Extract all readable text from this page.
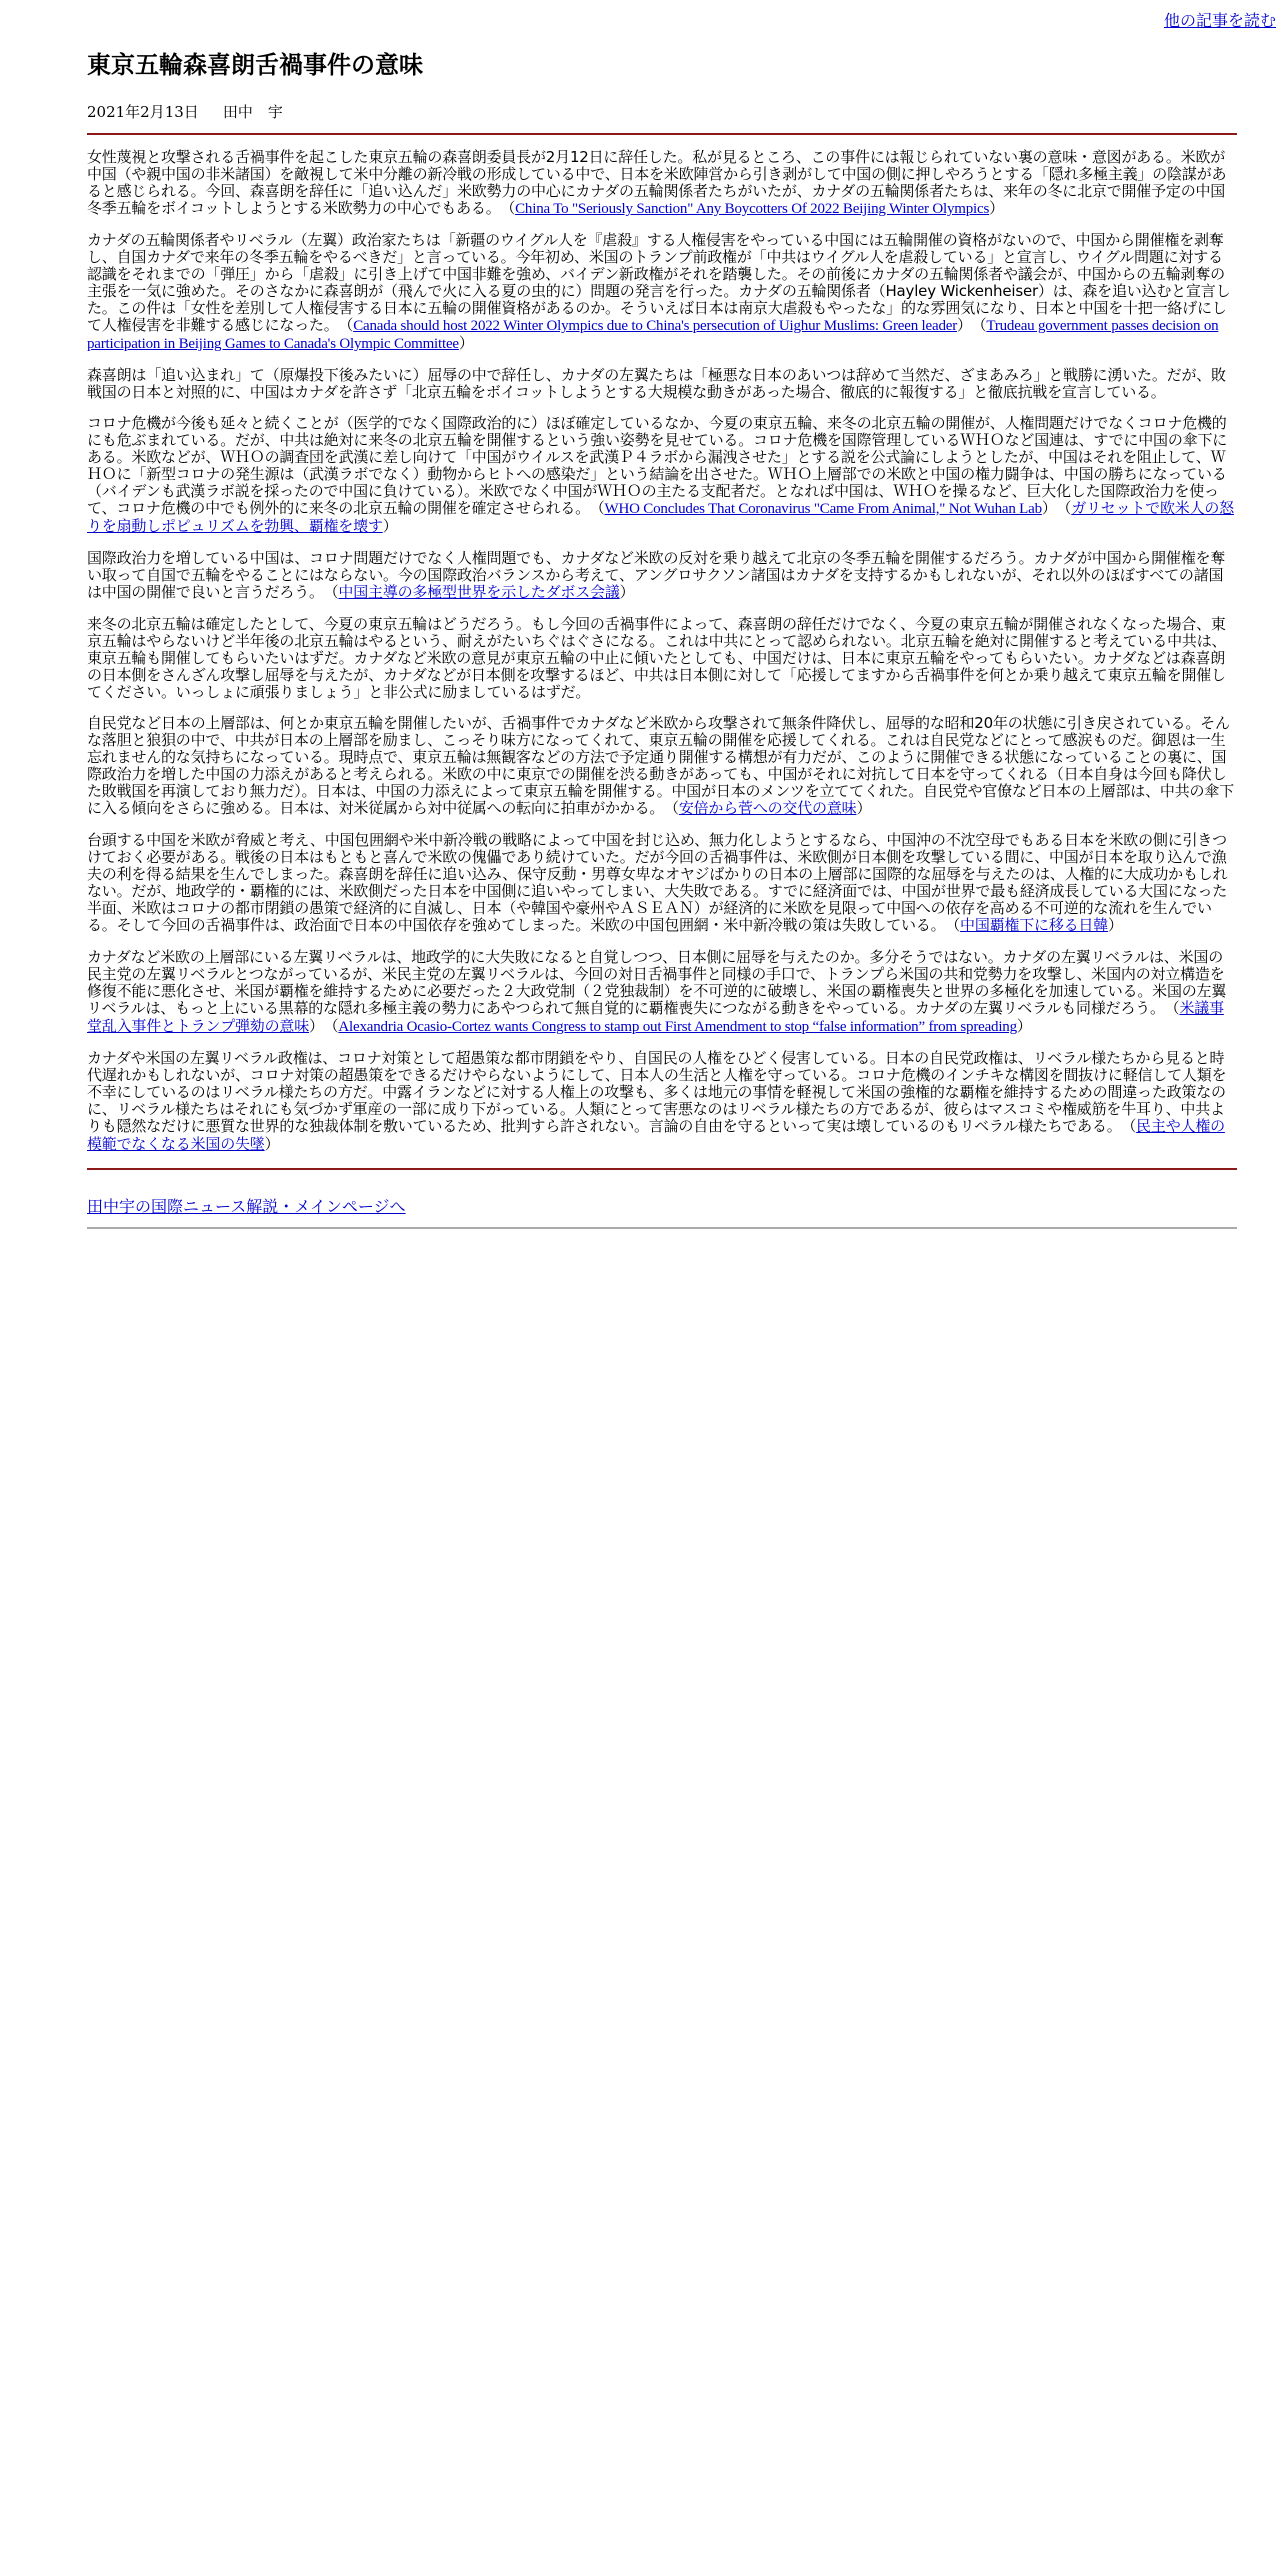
他の記事を読む
東京五輪森喜朗舌禍事件の意味
2021年2月13日 田中　宇

女性蔑視と攻撃される舌禍事件を起こした東京五輪の森喜朗委員長が2月12日に辞任した。私が見るところ、この事件には報じられていない裏の意味・意図がある。米欧が中国（や親中国の非米諸国）を敵視して米中分離の新冷戦の形成している中で、日本を米欧陣営から引き剥がして中国の側に押しやろうとする「隠れ多極主義」の陰謀があると感じられる。今回、森喜朗を辞任に「追い込んだ」米欧勢力の中心にカナダの五輪関係者たちがいたが、カナダの五輪関係者たちは、来年の冬に北京で開催予定の中国冬季五輪をボイコットしようとする米欧勢力の中心でもある。　（China To "Seriously Sanction" Any Boycotters Of 2022 Beijing Winter Olympics）

カナダの五輪関係者やリベラル（左翼）政治家たちは「新疆のウイグル人を『虐殺』する人権侵害をやっている中国には五輪開催の資格がないので、中国から開催権を剥奪し、自国カナダで来年の冬季五輪をやるべきだ」と言っている。今年初め、米国のトランプ前政権が「中共はウイグル人を虐殺している」と宣言し、ウイグル問題に対する認識をそれまでの「弾圧」から「虐殺」に引き上げて中国非難を強め、バイデン新政権がそれを踏襲した。その前後にカナダの五輪関係者や議会が、中国からの五輪剥奪の主張を一気に強めた。そのさなかに森喜朗が（飛んで火に入る夏の虫的に）問題の発言を行った。カナダの五輪関係者（Hayley Wickenheiser）は、森を追い込むと宣言した。この件は「女性を差別して人権侵害する日本に五輪の開催資格があるのか。そういえば日本は南京大虐殺もやったな」的な雰囲気になり、日本と中国を十把一絡げにして人権侵害を非難する感じになった。　（Canada should host 2022 Winter Olympics due to China's persecution of Uighur Muslims: Green leader）　（Trudeau government passes decision on participation in Beijing Games to Canada's Olympic Committee）

森喜朗は「追い込まれ」て（原爆投下後みたいに）屈辱の中で辞任し、カナダの左翼たちは「極悪な日本のあいつは辞めて当然だ、ざまあみろ」と戦勝に湧いた。だが、敗戦国の日本と対照的に、中国はカナダを許さず「北京五輪をボイコットしようとする大規模な動きがあった場合、徹底的に報復する」と徹底抗戦を宣言している。

コロナ危機が今後も延々と続くことが（医学的でなく国際政治的に）ほぼ確定しているなか、今夏の東京五輪、来冬の北京五輪の開催が、人権問題だけでなくコロナ危機的にも危ぶまれている。だが、中共は絶対に来冬の北京五輪を開催するという強い姿勢を見せている。コロナ危機を国際管理しているＷＨＯなど国連は、すでに中国の傘下にある。米欧などが、ＷＨＯの調査団を武漢に差し向けて「中国がウイルスを武漢Ｐ４ラボから漏洩させた」とする説を公式論にしようとしたが、中国はそれを阻止して、ＷＨＯに「新型コロナの発生源は（武漢ラボでなく）動物からヒトへの感染だ」という結論を出させた。ＷＨＯ上層部での米欧と中国の権力闘争は、中国の勝ちになっている（バイデンも武漢ラボ説を採ったので中国に負けている）。米欧でなく中国がＷＨＯの主たる支配者だ。となれば中国は、ＷＨＯを操るなど、巨大化した国際政治力を使って、コロナ危機の中でも例外的に来冬の北京五輪の開催を確定させられる。　（WHO Concludes That Coronavirus "Came From Animal," Not Wuhan Lab）　（ガリセットで欧米人の怒りを扇動しポピュリズムを勃興、覇権を壊す）

国際政治力を増している中国は、コロナ問題だけでなく人権問題でも、カナダなど米欧の反対を乗り越えて北京の冬季五輪を開催するだろう。カナダが中国から開催権を奪い取って自国で五輪をやることにはならない。今の国際政治バランスから考えて、アングロサクソン諸国はカナダを支持するかもしれないが、それ以外のほぼすべての諸国は中国の開催で良いと言うだろう。　（中国主導の多極型世界を示したダボス会議）

来冬の北京五輪は確定したとして、今夏の東京五輪はどうだろう。もし今回の舌禍事件によって、森喜朗の辞任だけでなく、今夏の東京五輪が開催されなくなった場合、東京五輪はやらないけど半年後の北京五輪はやるという、耐えがたいちぐはぐさになる。これは中共にとって認められない。北京五輪を絶対に開催すると考えている中共は、東京五輪も開催してもらいたいはずだ。カナダなど米欧の意見が東京五輪の中止に傾いたとしても、中国だけは、日本に東京五輪をやってもらいたい。カナダなどは森喜朗の日本側をさんざん攻撃し屈辱を与えたが、カナダなどが日本側を攻撃するほど、中共は日本側に対して「応援してますから舌禍事件を何とか乗り越えて東京五輪を開催してください。いっしょに頑張りましょう」と非公式に励ましているはずだ。

自民党など日本の上層部は、何とか東京五輪を開催したいが、舌禍事件でカナダなど米欧から攻撃されて無条件降伏し、屈辱的な昭和20年の状態に引き戻されている。そんな落胆と狼狽の中で、中共が日本の上層部を励まし、こっそり味方になってくれて、東京五輪の開催を応援してくれる。これは自民党などにとって感涙ものだ。御恩は一生忘れません的な気持ちになっている。現時点で、東京五輪は無観客などの方法で予定通り開催する構想が有力だが、このように開催できる状態になっていることの裏に、国際政治力を増した中国の力添えがあると考えられる。米欧の中に東京での開催を渋る動きがあっても、中国がそれに対抗して日本を守ってくれる（日本自身は今回も降伏した敗戦国を再演しており無力だ）。日本は、中国の力添えによって東京五輪を開催する。中国が日本のメンツを立ててくれた。自民党や官僚など日本の上層部は、中共の傘下に入る傾向をさらに強める。日本は、対米従属から対中従属への転向に拍車がかかる。　（安倍から菅への交代の意味）

台頭する中国を米欧が脅威と考え、中国包囲網や米中新冷戦の戦略によって中国を封じ込め、無力化しようとするなら、中国沖の不沈空母でもある日本を米欧の側に引きつけておく必要がある。戦後の日本はもともと喜んで米欧の傀儡であり続けていた。だが今回の舌禍事件は、米欧側が日本側を攻撃している間に、中国が日本を取り込んで漁夫の利を得る結果を生んでしまった。森喜朗を辞任に追い込み、保守反動・男尊女卑なオヤジばかりの日本の上層部に国際的な屈辱を与えたのは、人権的に大成功かもしれない。だが、地政学的・覇権的には、米欧側だった日本を中国側に追いやってしまい、大失敗である。すでに経済面では、中国が世界で最も経済成長している大国になった半面、米欧はコロナの都市閉鎖の愚策で経済的に自滅し、日本（や韓国や豪州やＡＳＥＡＮ）が経済的に米欧を見限って中国への依存を高める不可逆的な流れを生んでいる。そして今回の舌禍事件は、政治面で日本の中国依存を強めてしまった。米欧の中国包囲網・米中新冷戦の策は失敗している。　（中国覇権下に移る日韓）

カナダなど米欧の上層部にいる左翼リベラルは、地政学的に大失敗になると自覚しつつ、日本側に屈辱を与えたのか。多分そうではない。カナダの左翼リベラルは、米国の民主党の左翼リベラルとつながっているが、米民主党の左翼リベラルは、今回の対日舌禍事件と同様の手口で、トランプら米国の共和党勢力を攻撃し、米国内の対立構造を修復不能に悪化させ、米国が覇権を維持するために必要だった２大政党制（２党独裁制）を不可逆的に破壊し、米国の覇権喪失と世界の多極化を加速している。米国の左翼リベラルは、もっと上にいる黒幕的な隠れ多極主義の勢力にあやつられて無自覚的に覇権喪失につながる動きをやっている。カナダの左翼リベラルも同様だろう。　（米議事堂乱入事件とトランプ弾劾の意味）　（Alexandria Ocasio-Cortez wants Congress to stamp out First Amendment to stop “false information” from spreading）

カナダや米国の左翼リベラル政権は、コロナ対策として超愚策な都市閉鎖をやり、自国民の人権をひどく侵害している。日本の自民党政権は、リベラル様たちから見ると時代遅れかもしれないが、コロナ対策の超愚策をできるだけやらないようにして、日本人の生活と人権を守っている。コロナ危機のインチキな構図を間抜けに軽信して人類を不幸にしているのはリベラル様たちの方だ。中露イランなどに対する人権上の攻撃も、多くは地元の事情を軽視して米国の強権的な覇権を維持するための間違った政策なのに、リベラル様たちはそれにも気づかず軍産の一部に成り下がっている。人類にとって害悪なのはリベラル様たちの方であるが、彼らはマスコミや権威筋を牛耳り、中共よりも隠然なだけに悪質な世界的な独裁体制を敷いているため、批判すら許されない。言論の自由を守るといって実は壊しているのもリベラル様たちである。　（民主や人権の模範でなくなる米国の失墜）

田中宇の国際ニュース解説・メインページへ
